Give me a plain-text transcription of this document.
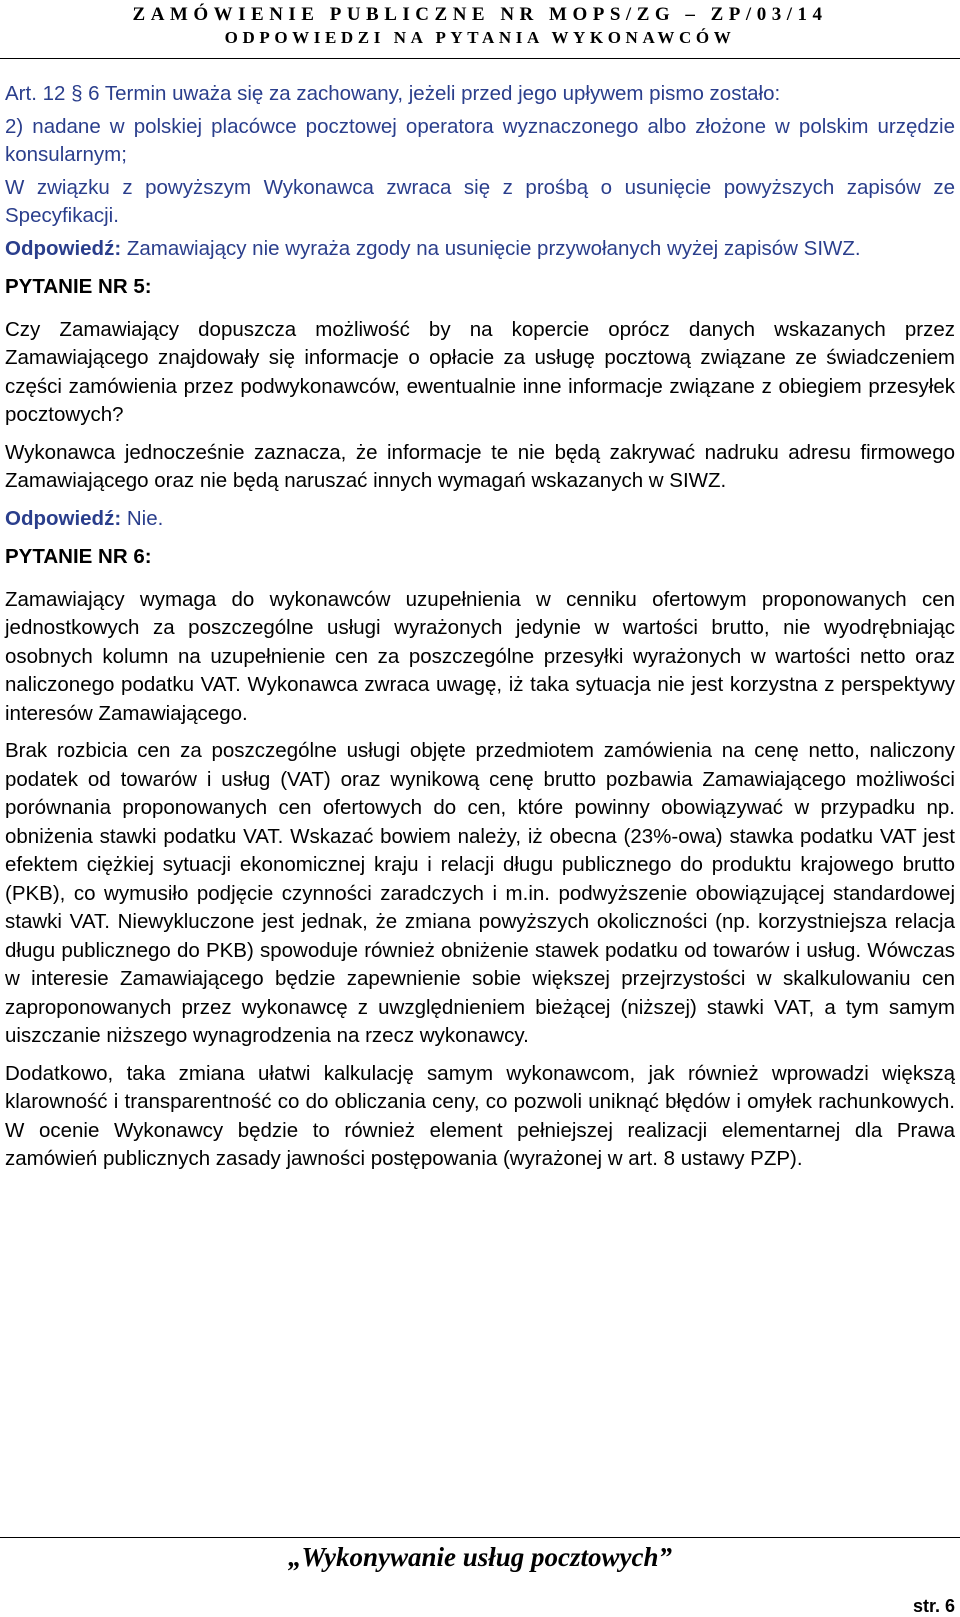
ZAMÓWIENIE PUBLICZNE NR MOPS/ZG – ZP/03/14
ODPOWIEDZI NA PYTANIA WYKONAWCÓW

Art. 12 § 6 Termin uważa się za zachowany, jeżeli przed jego upływem pismo zostało:

2) nadane w polskiej placówce pocztowej operatora wyznaczonego albo złożone w polskim urzędzie konsularnym;

W związku z powyższym Wykonawca zwraca się z prośbą o usunięcie powyższych zapisów ze Specyfikacji.

Odpowiedź: Zamawiający nie wyraża zgody na usunięcie przywołanych wyżej zapisów SIWZ.

PYTANIE NR 5:

Czy Zamawiający dopuszcza możliwość by na kopercie oprócz danych wskazanych przez Zamawiającego znajdowały się informacje o opłacie za usługę pocztową związane ze świadczeniem części zamówienia przez podwykonawców, ewentualnie inne informacje związane z obiegiem przesyłek pocztowych?

Wykonawca jednocześnie zaznacza, że informacje te nie będą zakrywać nadruku adresu firmowego Zamawiającego oraz nie będą naruszać innych wymagań wskazanych w SIWZ.

Odpowiedź: Nie.

PYTANIE NR 6:

Zamawiający wymaga do wykonawców uzupełnienia w cenniku ofertowym proponowanych cen jednostkowych za poszczególne usługi wyrażonych jedynie w wartości brutto, nie wyodrębniając osobnych kolumn na uzupełnienie cen za poszczególne przesyłki wyrażonych w wartości netto oraz naliczonego podatku VAT. Wykonawca zwraca uwagę, iż taka sytuacja nie jest korzystna z perspektywy interesów Zamawiającego.

Brak rozbicia cen za poszczególne usługi objęte przedmiotem zamówienia na cenę netto, naliczony podatek od towarów i usług (VAT) oraz wynikową cenę brutto pozbawia Zamawiającego możliwości porównania proponowanych cen ofertowych do cen, które powinny obowiązywać w przypadku np. obniżenia stawki podatku VAT. Wskazać bowiem należy, iż obecna (23%-owa) stawka podatku VAT jest efektem ciężkiej sytuacji ekonomicznej kraju i relacji długu publicznego do produktu krajowego brutto (PKB), co wymusiło podjęcie czynności zaradczych i m.in. podwyższenie obowiązującej standardowej stawki VAT. Niewykluczone jest jednak, że zmiana powyższych okoliczności (np. korzystniejsza relacja długu publicznego do PKB) spowoduje również obniżenie stawek podatku od towarów i usług. Wówczas w interesie Zamawiającego będzie zapewnienie sobie większej przejrzystości w skalkulowaniu cen zaproponowanych przez wykonawcę z uwzględnieniem bieżącej (niższej) stawki VAT, a tym samym uiszczanie niższego wynagrodzenia na rzecz wykonawcy.

Dodatkowo, taka zmiana ułatwi kalkulację samym wykonawcom, jak również wprowadzi większą klarowność i transparentność co do obliczania ceny, co pozwoli uniknąć błędów i omyłek rachunkowych. W ocenie Wykonawcy będzie to również element pełniejszej realizacji elementarnej dla Prawa zamówień publicznych zasady jawności postępowania (wyrażonej w art. 8 ustawy PZP).

„Wykonywanie usług pocztowych”
str. 6
